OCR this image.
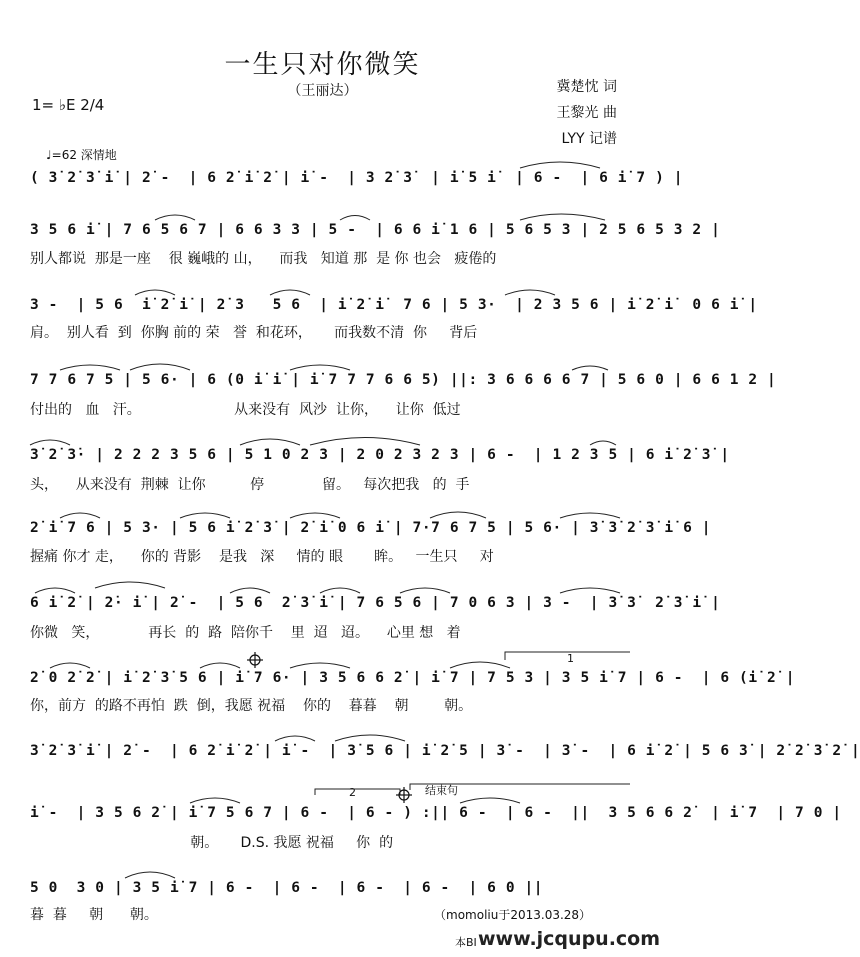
一生只对你微笑
（王丽达）	冀楚忱 词
王黎光 曲
LYY 记谱
1= ♭E 2/4
♩=62 深情地
( 3̇ 2̇ 3̇ i̇ | 2̇ -  | 6 2̇ i̇ 2̇ | i̇ -  | 3 2̇ 3̇  | i̇ 5 i̇  | 6 -  | 6 i̇ 7 ) |
3 5 6 i̇ | 7 6 5 6 7 | 6 6 3 3 | 5 -  | 6 6 i̇ 1 6 | 5 6 5 3 | 2 5 6 5 3 2 |
别人都说  那是一座    很 巍峨的 山，    而我   知道 那  是 你 也会   疲倦的
3 -  | 5 6  i̇ 2̇ i̇ | 2̇ 3   5 6  | i̇ 2̇ i̇  7 6 | 5 3·  | 2 3 5 6 | i̇ 2̇ i̇  0 6 i̇ |
肩。  别人看  到  你胸 前的 荣   誉  和花环，     而我数不清  你     背后
7 7 6 7 5 | 5 6· | 6 (0 i̇ i̇ | i̇ 7 7 7 6 6 5) ||: 3 6 6 6 6 7 | 5 6 0 | 6 6 1 2 |
付出的   血   汗。                     从来没有  风沙  让你，    让你  低过
3̇ 2̇ 3̇· | 2 2 2 3 5 6 | 5 1 0 2 3 | 2 0 2 3 2 3 | 6 -  | 1 2 3 5 | 6 i̇ 2̇ 3̇ |
头，    从来没有  荆棘  让你          停             留。   每次把我   的  手
2̇ i̇ 7 6 | 5 3· | 5 6 i̇ 2̇ 3̇ | 2̇ i̇ 0 6 i̇ | 7·7 6 7 5 | 5 6· | 3̇ 3̇ 2̇ 3̇ i̇ 6 |
握痛 你才 走，    你的 背影    是我   深     情的 眼       眸。   一生只     对
6 i̇ 2̇ | 2̇· i̇ | 2̇ -  | 5 6  2̇ 3̇ i̇ | 7 6 5 6 | 7 0 6 3 | 3 -  | 3̇ 3̇  2̇ 3̇ i̇ |
你微   笑，           再长  的  路  陪你千    里  迢   迢。    心里 想   着
2̇ 0 2̇ 2̇ | i̇ 2̇ 3̇ 5 6 | i̇ 7 6· | 3 5 6 6 2̇ | i̇ 7 | 7 5 3 | 3 5 i̇ 7 | 6 -  | 6 (i̇ 2̇ |
你，前方  的路不再怕  跌  倒，我愿 祝福    你的    暮暮    朝        朝。
3̇ 2̇ 3̇ i̇ | 2̇ -  | 6 2̇ i̇ 2̇ | i̇ -  | 3̇ 5 6 | i̇ 2̇ 5 | 3̇ -  | 3̇ -  | 6 i̇ 2̇ | 5 6 3̇ | 2̇ 2̇ 3̇ 2̇ |
i̇ -  | 3 5 6 2̇ | i̇ 7 5 6 7 | 6 -  | 6 - ) :|| 6 -  | 6 -  ||  3 5 6 6 2̇  | i̇ 7  | 7 0 |
朝。     D.S. 我愿 祝福     你  的
5 0  3 0 | 3 5 i̇ 7 | 6 -  | 6 -  | 6 -  | 6 -  | 6 0 ||
暮  暮     朝      朝。
结束句
1
2
（momoliu于2013.03.28）
本BI www.jcqupu.com
